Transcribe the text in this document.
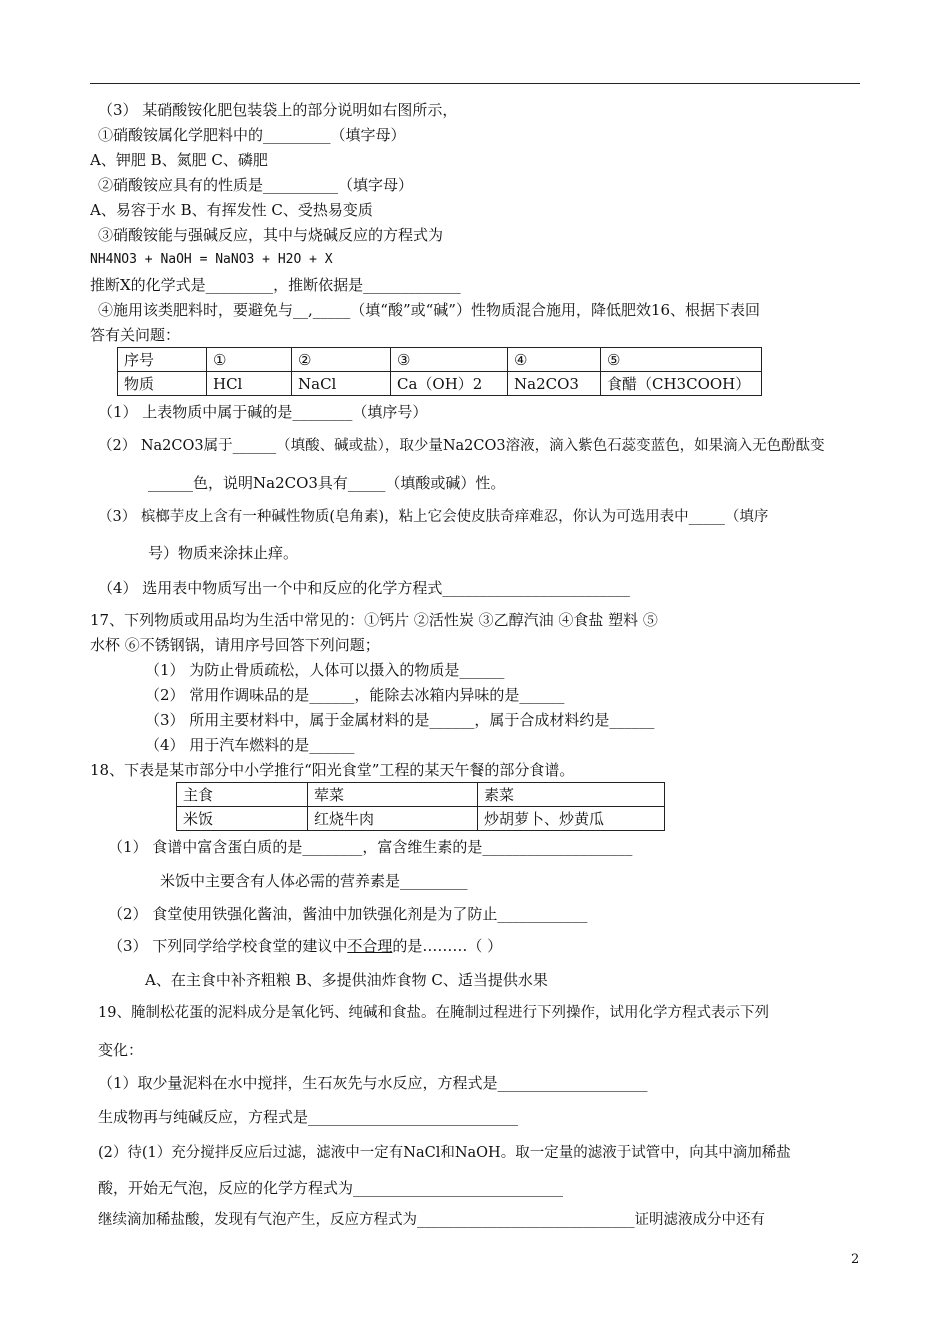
（3） 某硝酸铵化肥包装袋上的部分说明如右图所示，
①硝酸铵属化学肥料中的_________（填字母）
A、钾肥 B、氮肥 C、磷肥
②硝酸铵应具有的性质是__________（填字母）
A、易容于水 B、有挥发性 C、受热易变质
③硝酸铵能与强碱反应，其中与烧碱反应的方程式为
NH4NO3 + NaOH = NaNO3 + H2O + X
推断X的化学式是_________，推断依据是_____________
④施用该类肥料时，要避免与__,_____（填“酸”或“碱”）性物质混合施用，降低肥效16、根据下表回
答有关问题：
序号	①	②	③	④	⑤
物质	HCl	NaCl	Ca（OH）2	Na2CO3	食醋（CH3COOH）
（1） 上表物质中属于碱的是________（填序号）
（2） Na2CO3属于______（填酸、碱或盐），取少量Na2CO3溶液，滴入紫色石蕊变蓝色，如果滴入无色酚酞变
______色，说明Na2CO3具有_____（填酸或碱）性。
（3） 槟榔芋皮上含有一种碱性物质(皂角素)，粘上它会使皮肤奇痒难忍，你认为可选用表中_____（填序
号）物质来涂抹止痒。
（4） 选用表中物质写出一个中和反应的化学方程式_________________________
17、下列物质或用品均为生活中常见的：①钙片 ②活性炭 ③乙醇汽油 ④食盐 塑料 ⑤
水杯 ⑥不锈钢锅，请用序号回答下列问题；
（1） 为防止骨质疏松，人体可以摄入的物质是______
（2） 常用作调味品的是______，能除去冰箱内异味的是______
（3） 所用主要材料中，属于金属材料的是______，属于合成材料约是______
（4） 用于汽车燃料的是______
18、下表是某市部分中小学推行“阳光食堂”工程的某天午餐的部分食谱。
主食	荤菜	素菜
米饭	红烧牛肉	炒胡萝卜、炒黄瓜
（1） 食谱中富含蛋白质的是________，富含维生素的是____________________
米饭中主要含有人体必需的营养素是_________
（2） 食堂使用铁强化酱油，酱油中加铁强化剂是为了防止____________
（3） 下列同学给学校食堂的建议中不合理的是………（ ）
A、在主食中补齐粗粮 B、多提供油炸食物 C、适当提供水果
19、腌制松花蛋的泥料成分是氧化钙、纯碱和食盐。在腌制过程进行下列操作，试用化学方程式表示下列
变化：
（1）取少量泥料在水中搅拌，生石灰先与水反应，方程式是____________________
生成物再与纯碱反应，方程式是____________________________
(2）待(1）充分搅拌反应后过滤，滤液中一定有NaCl和NaOH。取一定量的滤液于试管中，向其中滴加稀盐
酸，开始无气泡，反应的化学方程式为____________________________
继续滴加稀盐酸，发现有气泡产生，反应方程式为______________________________证明滤液成分中还有
2
